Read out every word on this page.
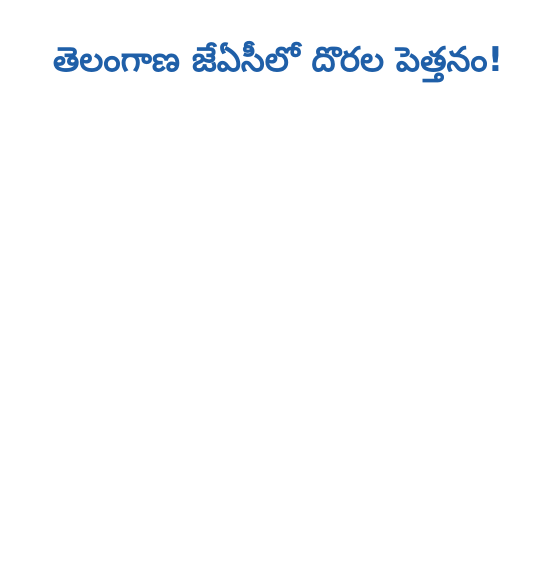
తెలంగాణ జేఏసీలో దొరల పెత్తనం!
